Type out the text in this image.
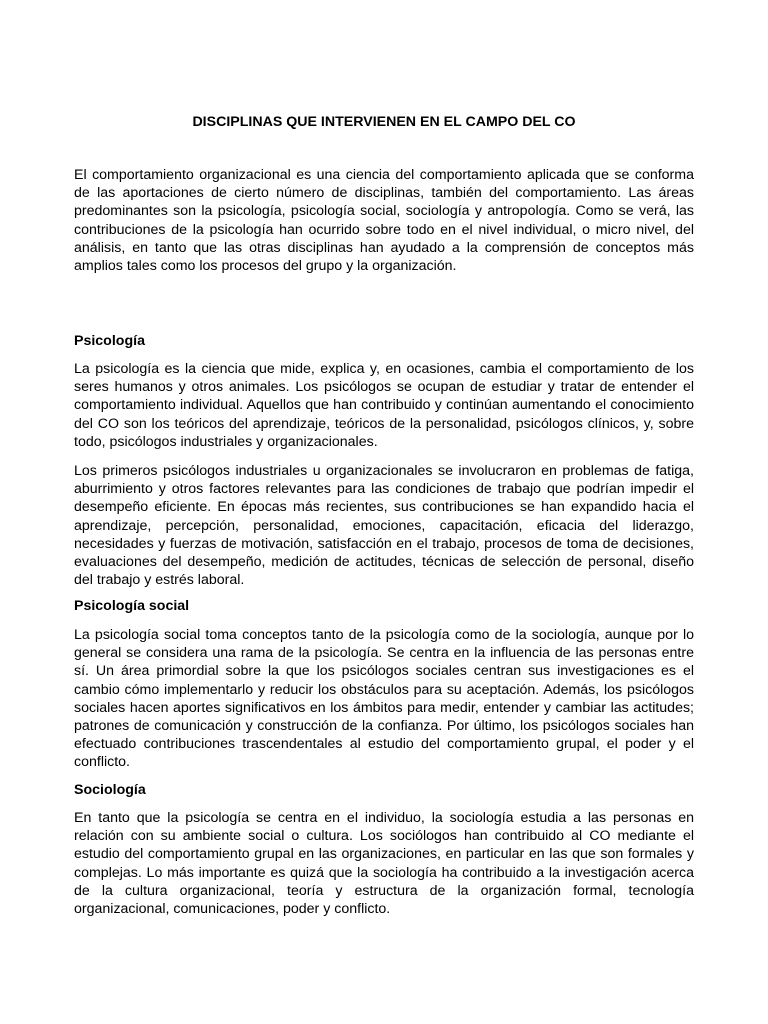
DISCIPLINAS QUE INTERVIENEN EN EL CAMPO DEL CO

El comportamiento organizacional es una ciencia del comportamiento aplicada que se conforma de las aportaciones de cierto número de disciplinas, también del comportamiento. Las áreas predominantes son la psicología, psicología social, sociología y antropología. Como se verá, las contribuciones de la psicología han ocurrido sobre todo en el nivel individual, o micro nivel, del análisis, en tanto que las otras disciplinas han ayudado a la comprensión de conceptos más amplios tales como los procesos del grupo y la organización.

Psicología

La psicología es la ciencia que mide, explica y, en ocasiones, cambia el comportamiento de los seres humanos y otros animales. Los psicólogos se ocupan de estudiar y tratar de entender el comportamiento individual. Aquellos que han contribuido y continúan aumentando el conocimiento del CO son los teóricos del aprendizaje, teóricos de la personalidad, psicólogos clínicos, y, sobre todo, psicólogos industriales y organizacionales.

Los primeros psicólogos industriales u organizacionales se involucraron en problemas de fatiga, aburrimiento y otros factores relevantes para las condiciones de trabajo que podrían impedir el desempeño eficiente. En épocas más recientes, sus contribuciones se han expandido hacia el aprendizaje, percepción, personalidad, emociones, capacitación, eficacia del liderazgo, necesidades y fuerzas de motivación, satisfacción en el trabajo, procesos de toma de decisiones, evaluaciones del desempeño, medición de actitudes, técnicas de selección de personal, diseño del trabajo y estrés laboral.

Psicología social

La psicología social toma conceptos tanto de la psicología como de la sociología, aunque por lo general se considera una rama de la psicología. Se centra en la influencia de las personas entre sí. Un área primordial sobre la que los psicólogos sociales centran sus investigaciones es el cambio cómo implementarlo y reducir los obstáculos para su aceptación. Además, los psicólogos sociales hacen aportes significativos en los ámbitos para medir, entender y cambiar las actitudes; patrones de comunicación y construcción de la confianza. Por último, los psicólogos sociales han efectuado contribuciones trascendentales al estudio del comportamiento grupal, el poder y el conflicto.

Sociología

En tanto que la psicología se centra en el individuo, la sociología estudia a las personas en relación con su ambiente social o cultura. Los sociólogos han contribuido al CO mediante el estudio del comportamiento grupal en las organizaciones, en particular en las que son formales y complejas. Lo más importante es quizá que la sociología ha contribuido a la investigación acerca de la cultura organizacional, teoría y estructura de la organización formal, tecnología organizacional, comunicaciones, poder y conflicto.
